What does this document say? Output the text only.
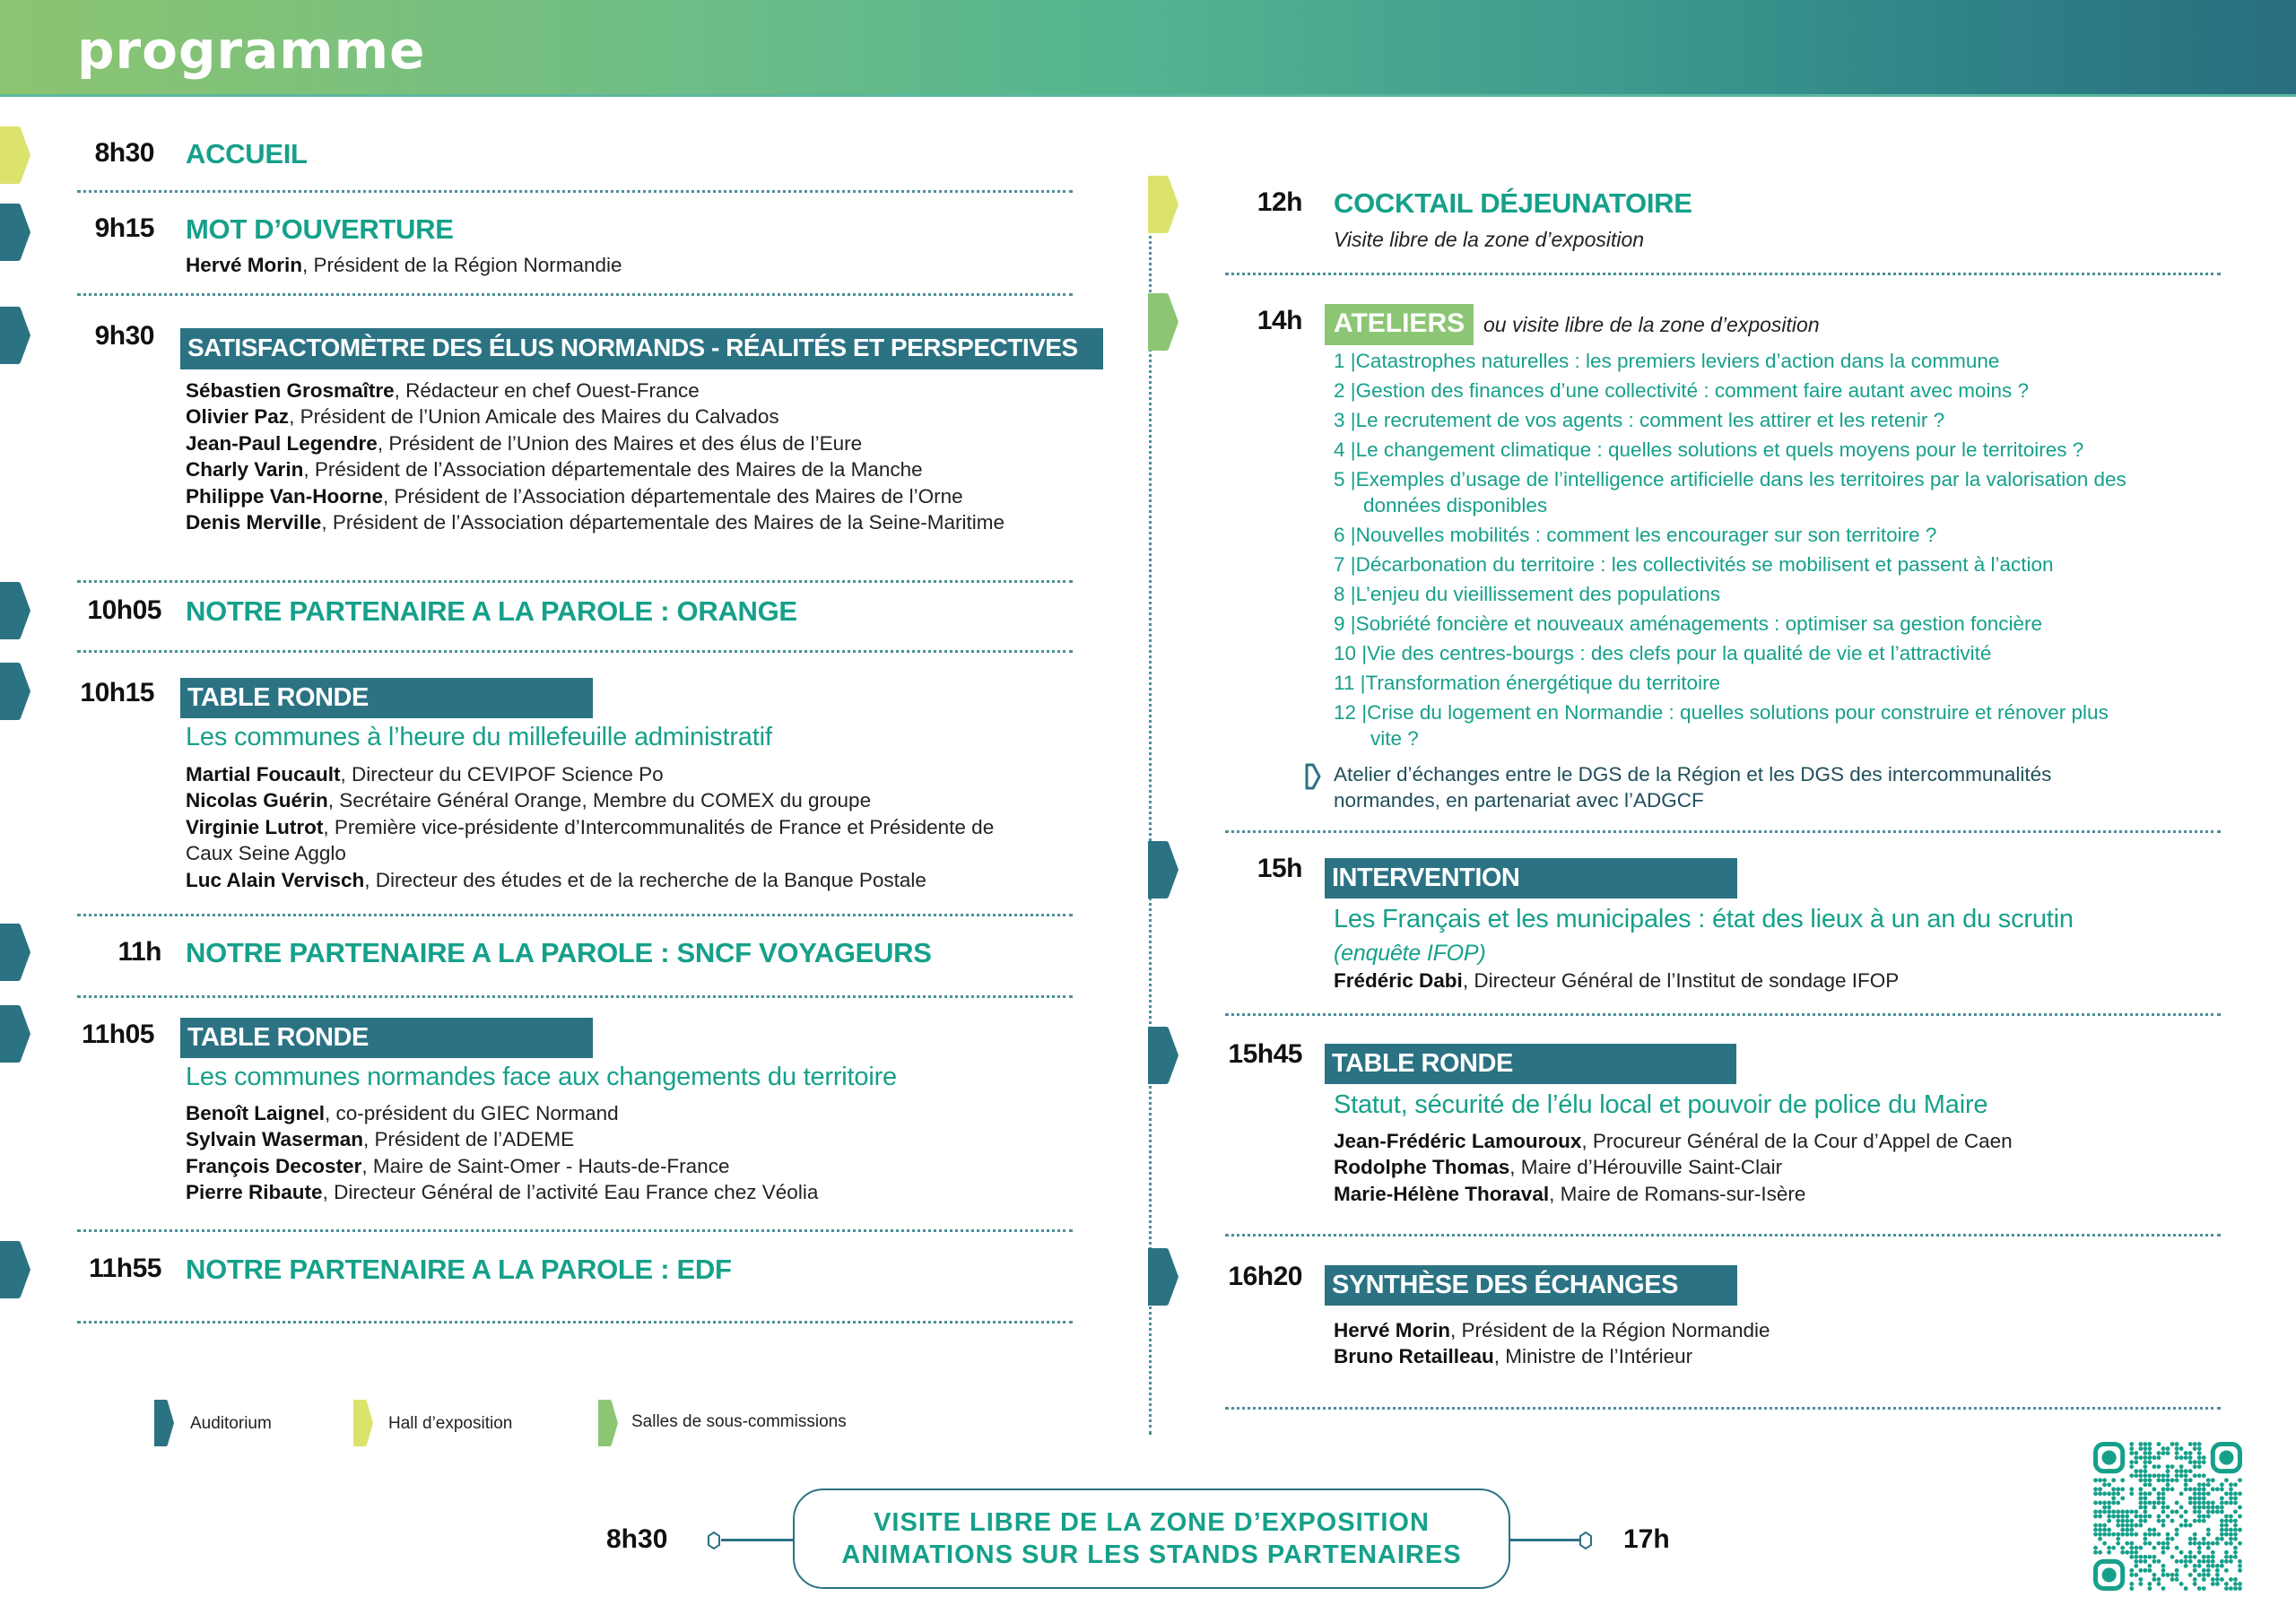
programme
8h30 ACCUEIL
9h15 MOT D’OUVERTURE
Hervé Morin, Président de la Région Normandie
9h30 SATISFACTOMÈTRE DES ÉLUS NORMANDS - RÉALITÉS ET PERSPECTIVES
Sébastien Grosmaître, Rédacteur en chef Ouest-France
Olivier Paz, Président de l’Union Amicale des Maires du Calvados
Jean-Paul Legendre, Président de l’Union des Maires et des élus de l’Eure
Charly Varin, Président de l’Association départementale des Maires de la Manche
Philippe Van-Hoorne, Président de l’Association départementale des Maires de l’Orne
Denis Merville, Président de l’Association départementale des Maires de la Seine-Maritime
10h05 NOTRE PARTENAIRE A LA PAROLE : ORANGE
10h15 TABLE RONDE
Les communes à l’heure du millefeuille administratif
Martial Foucault, Directeur du CEVIPOF Science Po
Nicolas Guérin, Secrétaire Général Orange, Membre du COMEX du groupe
Virginie Lutrot, Première vice-présidente d’Intercommunalités de France et Présidente de
Caux Seine Agglo
Luc Alain Vervisch, Directeur des études et de la recherche de la Banque Postale
11h NOTRE PARTENAIRE A LA PAROLE : SNCF VOYAGEURS
11h05 TABLE RONDE
Les communes normandes face aux changements du territoire
Benoît Laignel, co-président du GIEC Normand
Sylvain Waserman, Président de l’ADEME
François Decoster, Maire de Saint-Omer - Hauts-de-France
Pierre Ribaute, Directeur Général de l’activité Eau France chez Véolia
11h55 NOTRE PARTENAIRE A LA PAROLE : EDF
Auditorium	Hall d’exposition	Salles de sous-commissions
12h COCKTAIL DÉJEUNATOIRE
Visite libre de la zone d’exposition
14h	ATELIERS ou visite libre de la zone d’exposition
1 |Catastrophes naturelles : les premiers leviers d’action dans la commune
2 |Gestion des finances d’une collectivité : comment faire autant avec moins ?
3 |Le recrutement de vos agents : comment les attirer et les retenir ?
4 |Le changement climatique : quelles solutions et quels moyens pour le territoires ?
5 |Exemples d’usage de l’intelligence artificielle dans les territoires par la valorisation des
données disponibles
6 |Nouvelles mobilités : comment les encourager sur son territoire ?
7 |Décarbonation du territoire : les collectivités se mobilisent et passent à l’action
8 |L’enjeu du vieillissement des populations
9 |Sobriété foncière et nouveaux aménagements : optimiser sa gestion foncière
10 |Vie des centres-bourgs : des clefs pour la qualité de vie et l’attractivité
11 |Transformation énergétique du territoire
12 |Crise du logement en Normandie : quelles solutions pour construire et rénover plus
vite ?
Atelier d’échanges entre le DGS de la Région et les DGS des intercommunalités
normandes, en partenariat avec l’ADGCF
15h INTERVENTION
Les Français et les municipales : état des lieux à un an du scrutin
(enquête IFOP)
Frédéric Dabi, Directeur Général de l’Institut de sondage IFOP
15h45 TABLE RONDE
Statut, sécurité de l’élu local et pouvoir de police du Maire
Jean-Frédéric Lamouroux, Procureur Général de la Cour d’Appel de Caen
Rodolphe Thomas, Maire d’Hérouville Saint-Clair
Marie-Hélène Thoraval, Maire de Romans-sur-Isère
16h20 SYNTHÈSE DES ÉCHANGES
Hervé Morin, Président de la Région Normandie
Bruno Retailleau, Ministre de l’Intérieur
8h30
VISITE LIBRE DE LA ZONE D’EXPOSITION
ANIMATIONS SUR LES STANDS PARTENAIRES
17h
